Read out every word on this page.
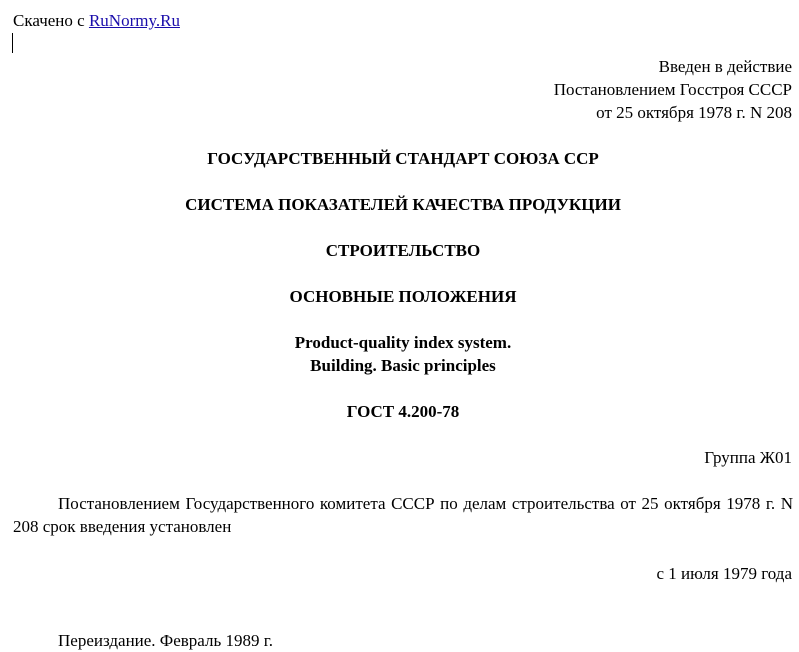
Скачено с RuNormy.Ru
Введен в действие
Постановлением Госстроя СССР
от 25 октября 1978 г. N 208
ГОСУДАРСТВЕННЫЙ СТАНДАРТ СОЮЗА ССР
СИСТЕМА ПОКАЗАТЕЛЕЙ КАЧЕСТВА ПРОДУКЦИИ
СТРОИТЕЛЬСТВО
ОСНОВНЫЕ ПОЛОЖЕНИЯ
Product-quality index system.
Building. Basic principles
ГОСТ 4.200-78
Группа Ж01
Постановлением Государственного комитета СССР по делам строительства от 25 октября 1978 г. N 208 срок введения установлен
с 1 июля 1979 года
Переиздание. Февраль 1989 г.
